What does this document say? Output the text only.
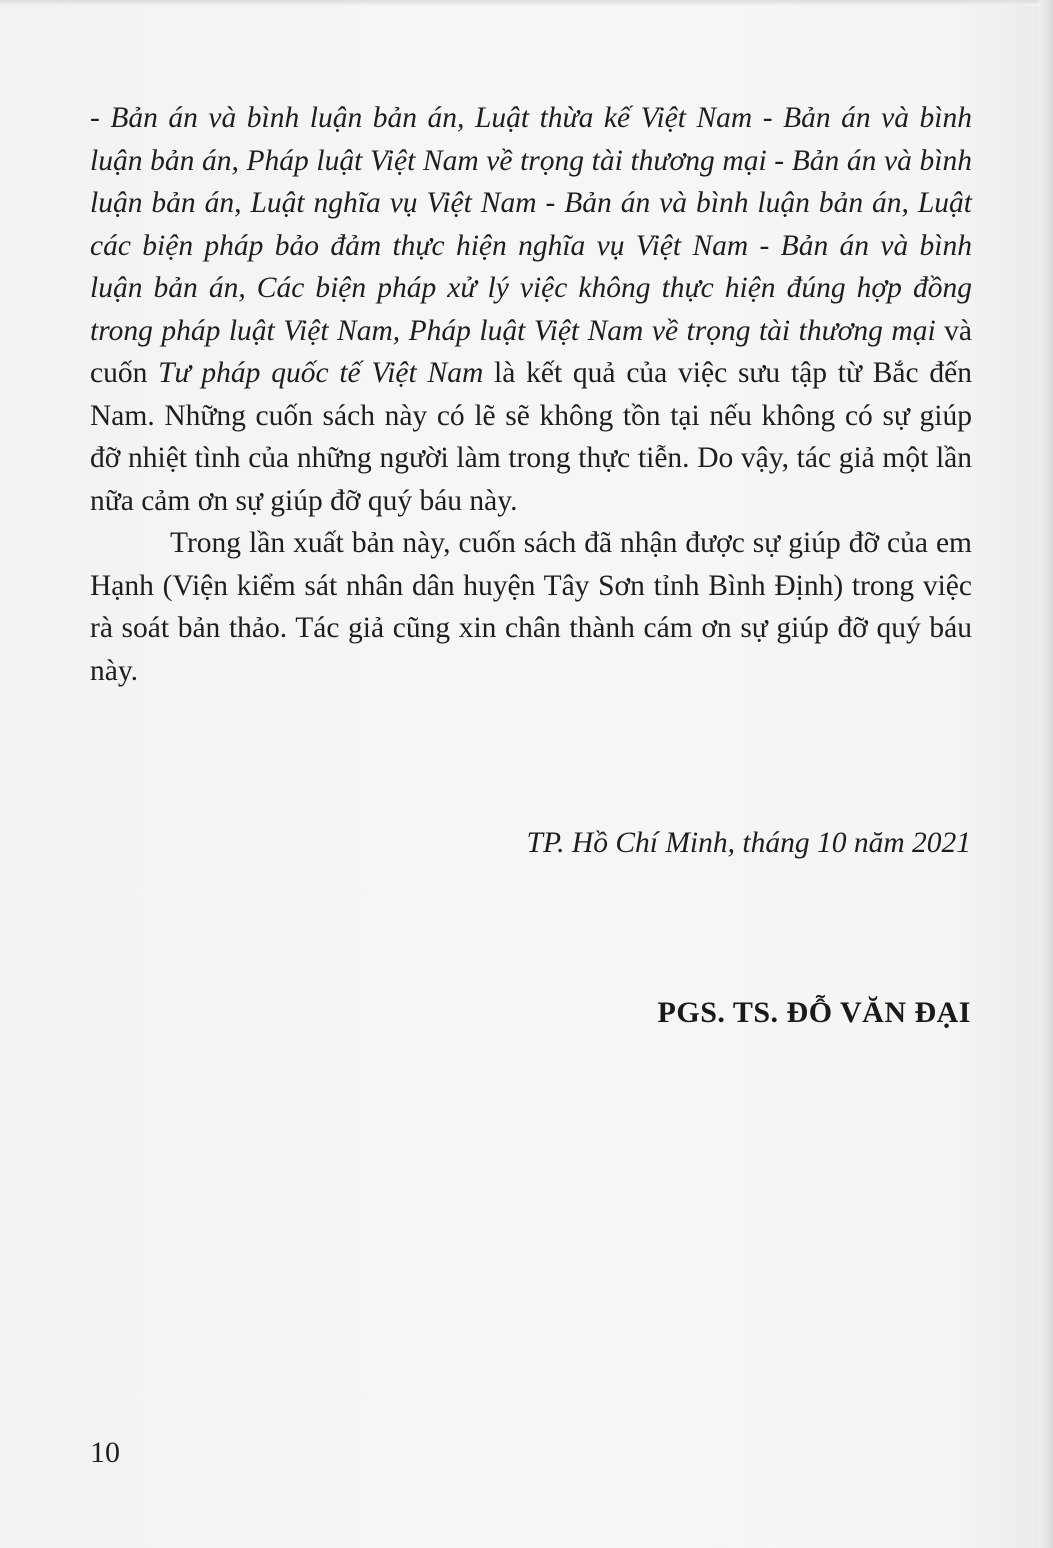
- Bản án và bình luận bản án, Luật thừa kế Việt Nam - Bản án và bình luận bản án, Pháp luật Việt Nam về trọng tài thương mại - Bản án và bình luận bản án, Luật nghĩa vụ Việt Nam - Bản án và bình luận bản án, Luật các biện pháp bảo đảm thực hiện nghĩa vụ Việt Nam - Bản án và bình luận bản án, Các biện pháp xử lý việc không thực hiện đúng hợp đồng trong pháp luật Việt Nam, Pháp luật Việt Nam về trọng tài thương mại và cuốn Tư pháp quốc tế Việt Nam là kết quả của việc sưu tập từ Bắc đến Nam. Những cuốn sách này có lẽ sẽ không tồn tại nếu không có sự giúp đỡ nhiệt tình của những người làm trong thực tiễn. Do vậy, tác giả một lần nữa cảm ơn sự giúp đỡ quý báu này.

Trong lần xuất bản này, cuốn sách đã nhận được sự giúp đỡ của em Hạnh (Viện kiểm sát nhân dân huyện Tây Sơn tỉnh Bình Định) trong việc rà soát bản thảo. Tác giả cũng xin chân thành cám ơn sự giúp đỡ quý báu này.

TP. Hồ Chí Minh, tháng 10 năm 2021
PGS. TS. ĐỖ VĂN ĐẠI
10
